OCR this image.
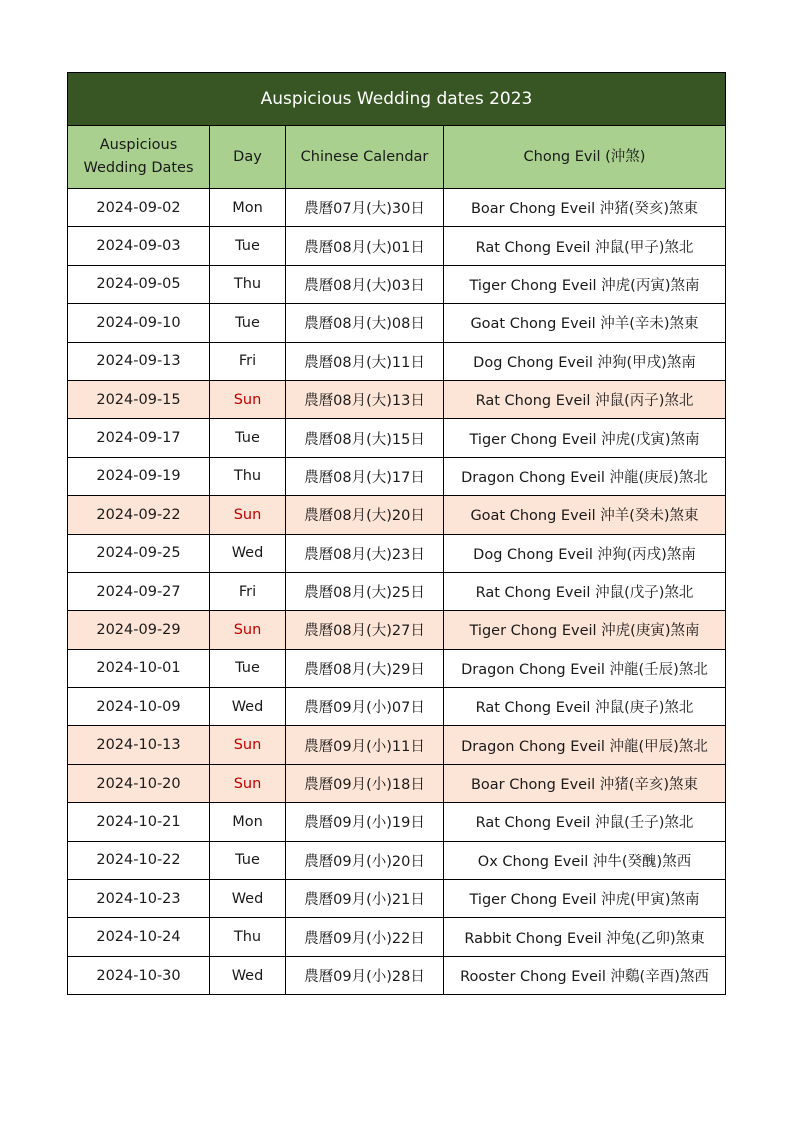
Auspicious Wedding dates 2023			
Auspicious Wedding Dates	Day	Chinese Calendar	Chong Evil (沖煞)
2024-09-02	Mon	農曆07月(大)30日	Boar Chong Eveil 沖猪(癸亥)煞東
2024-09-03	Tue	農曆08月(大)01日	Rat Chong Eveil 沖鼠(甲子)煞北
2024-09-05	Thu	農曆08月(大)03日	Tiger Chong Eveil 沖虎(丙寅)煞南
2024-09-10	Tue	農曆08月(大)08日	Goat Chong Eveil 沖羊(辛未)煞東
2024-09-13	Fri	農曆08月(大)11日	Dog Chong Eveil 沖狗(甲戌)煞南
2024-09-15	Sun	農曆08月(大)13日	Rat Chong Eveil 沖鼠(丙子)煞北
2024-09-17	Tue	農曆08月(大)15日	Tiger Chong Eveil 沖虎(戊寅)煞南
2024-09-19	Thu	農曆08月(大)17日	Dragon Chong Eveil 沖龍(庚辰)煞北
2024-09-22	Sun	農曆08月(大)20日	Goat Chong Eveil 沖羊(癸未)煞東
2024-09-25	Wed	農曆08月(大)23日	Dog Chong Eveil 沖狗(丙戌)煞南
2024-09-27	Fri	農曆08月(大)25日	Rat Chong Eveil 沖鼠(戊子)煞北
2024-09-29	Sun	農曆08月(大)27日	Tiger Chong Eveil 沖虎(庚寅)煞南
2024-10-01	Tue	農曆08月(大)29日	Dragon Chong Eveil 沖龍(壬辰)煞北
2024-10-09	Wed	農曆09月(小)07日	Rat Chong Eveil 沖鼠(庚子)煞北
2024-10-13	Sun	農曆09月(小)11日	Dragon Chong Eveil 沖龍(甲辰)煞北
2024-10-20	Sun	農曆09月(小)18日	Boar Chong Eveil 沖猪(辛亥)煞東
2024-10-21	Mon	農曆09月(小)19日	Rat Chong Eveil 沖鼠(壬子)煞北
2024-10-22	Tue	農曆09月(小)20日	Ox Chong Eveil 沖牛(癸醜)煞西
2024-10-23	Wed	農曆09月(小)21日	Tiger Chong Eveil 沖虎(甲寅)煞南
2024-10-24	Thu	農曆09月(小)22日	Rabbit Chong Eveil 沖兔(乙卯)煞東
2024-10-30	Wed	農曆09月(小)28日	Rooster Chong Eveil 沖鷄(辛酉)煞西
